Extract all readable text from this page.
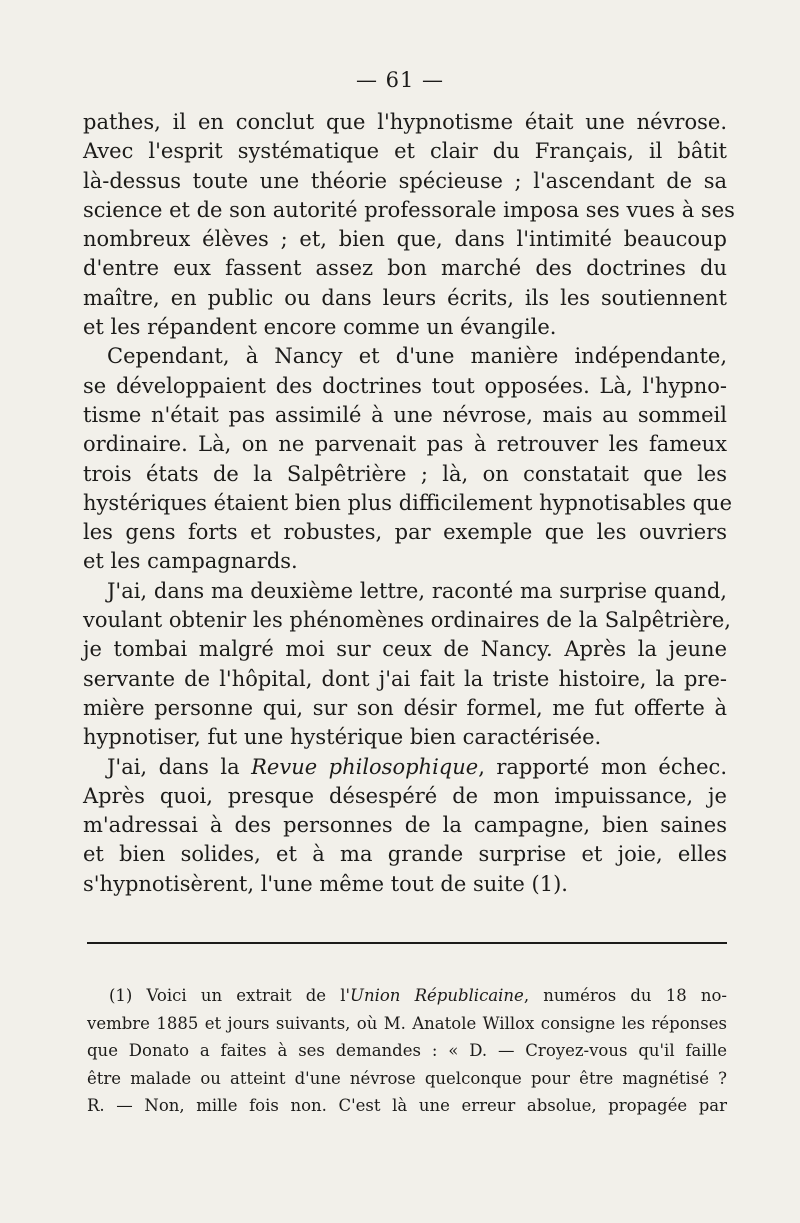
— 61 —
pathes, il en conclut que l'hypnotisme était une névrose.
Avec l'esprit systématique et clair du Français, il bâtit
là-dessus toute une théorie spécieuse ; l'ascendant de sa
science et de son autorité professorale imposa ses vues à ses
nombreux élèves ; et, bien que, dans l'intimité beaucoup
d'entre eux fassent assez bon marché des doctrines du
maître, en public ou dans leurs écrits, ils les soutiennent
et les répandent encore comme un évangile.
Cependant, à Nancy et d'une manière indépendante,
se développaient des doctrines tout opposées. Là, l'hypno-
tisme n'était pas assimilé à une névrose, mais au sommeil
ordinaire. Là, on ne parvenait pas à retrouver les fameux
trois états de la Salpêtrière ; là, on constatait que les
hystériques étaient bien plus difficilement hypnotisables que
les gens forts et robustes, par exemple que les ouvriers
et les campagnards.
J'ai, dans ma deuxième lettre, raconté ma surprise quand,
voulant obtenir les phénomènes ordinaires de la Salpêtrière,
je tombai malgré moi sur ceux de Nancy. Après la jeune
servante de l'hôpital, dont j'ai fait la triste histoire, la pre-
mière personne qui, sur son désir formel, me fut offerte à
hypnotiser, fut une hystérique bien caractérisée.
J'ai, dans la Revue philosophique, rapporté mon échec.
Après quoi, presque désespéré de mon impuissance, je
m'adressai à des personnes de la campagne, bien saines
et bien solides, et à ma grande surprise et joie, elles
s'hypnotisèrent, l'une même tout de suite (1).
(1) Voici un extrait de l'Union Républicaine, numéros du 18 no-
vembre 1885 et jours suivants, où M. Anatole Willox consigne les réponses
que Donato a faites à ses demandes : « D. — Croyez-vous qu'il faille
être malade ou atteint d'une névrose quelconque pour être magnétisé ?
R. — Non, mille fois non. C'est là une erreur absolue, propagée par
